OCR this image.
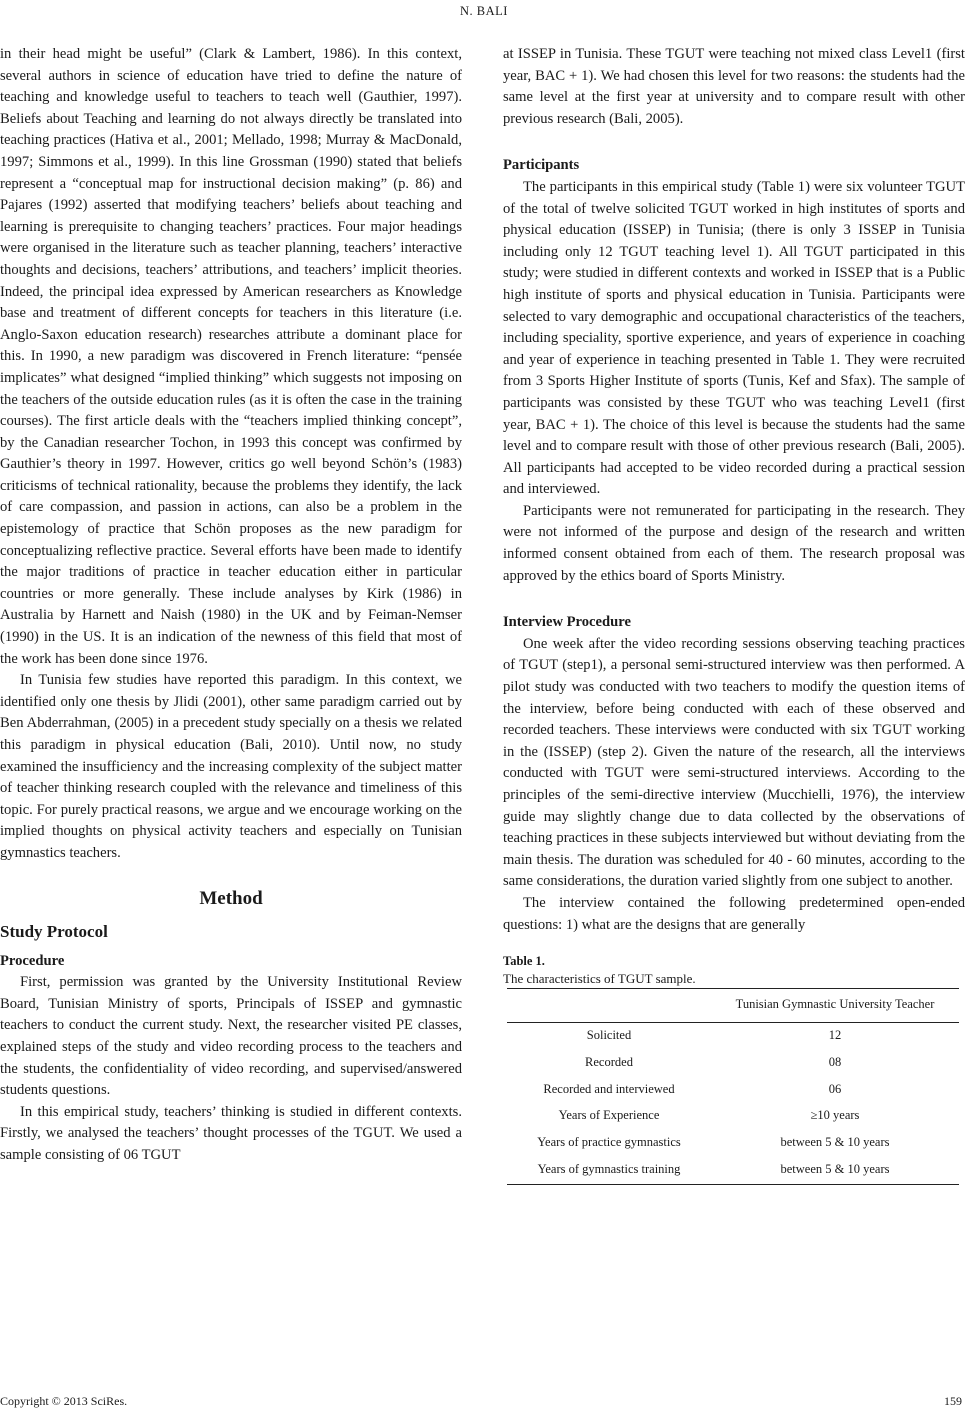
N. BALI

in their head might be useful” (Clark & Lambert, 1986). In this context, several authors in science of education have tried to define the nature of teaching and knowledge useful to teachers to teach well (Gauthier, 1997). Beliefs about Teaching and learning do not always directly be translated into teaching practices (Hativa et al., 2001; Mellado, 1998; Murray & MacDonald, 1997; Simmons et al., 1999). In this line Grossman (1990) stated that beliefs represent a “conceptual map for instructional decision making” (p. 86) and Pajares (1992) asserted that modifying teachers’ beliefs about teaching and learning is prerequisite to changing teachers’ practices. Four major headings were organised in the literature such as teacher planning, teachers’ interactive thoughts and decisions, teachers’ attributions, and teachers’ implicit theories. Indeed, the principal idea expressed by American researchers as Knowledge base and treatment of different concepts for teachers in this literature (i.e. Anglo-Saxon education research) researches attribute a dominant place for this. In 1990, a new paradigm was discovered in French literature: “pensée implicates” what designed “implied thinking” which suggests not imposing on the teachers of the outside education rules (as it is often the case in the training courses). The first article deals with the “teachers implied thinking concept”, by the Canadian researcher Tochon, in 1993 this concept was confirmed by Gauthier’s theory in 1997. However, critics go well beyond Schön’s (1983) criticisms of technical rationality, because the problems they identify, the lack of care compassion, and passion in actions, can also be a problem in the epistemology of practice that Schön proposes as the new paradigm for conceptualizing reflective practice. Several efforts have been made to identify the major traditions of practice in teacher education either in particular countries or more generally. These include analyses by Kirk (1986) in Australia by Harnett and Naish (1980) in the UK and by Feiman-Nemser (1990) in the US. It is an indication of the newness of this field that most of the work has been done since 1976.

In Tunisia few studies have reported this paradigm. In this context, we identified only one thesis by Jlidi (2001), other same paradigm carried out by Ben Abderrahman, (2005) in a precedent study specially on a thesis we related this paradigm in physical education (Bali, 2010). Until now, no study examined the insufficiency and the increasing complexity of the subject matter of teacher thinking research coupled with the relevance and timeliness of this topic. For purely practical reasons, we argue and we encourage working on the implied thoughts on physical activity teachers and especially on Tunisian gymnastics teachers.

Method
Study Protocol
Procedure

First, permission was granted by the University Institutional Review Board, Tunisian Ministry of sports, Principals of ISSEP and gymnastic teachers to conduct the current study. Next, the researcher visited PE classes, explained steps of the study and video recording process to the teachers and the students, the confidentiality of video recording, and supervised/answered students questions.

In this empirical study, teachers’ thinking is studied in different contexts. Firstly, we analysed the teachers’ thought processes of the TGUT. We used a sample consisting of 06 TGUT

at ISSEP in Tunisia. These TGUT were teaching not mixed class Level1 (first year, BAC + 1). We had chosen this level for two reasons: the students had the same level at the first year at university and to compare result with other previous research (Bali, 2005).

Participants

The participants in this empirical study (Table 1) were six volunteer TGUT of the total of twelve solicited TGUT worked in high institutes of sports and physical education (ISSEP) in Tunisia; (there is only 3 ISSEP in Tunisia including only 12 TGUT teaching level 1). All TGUT participated in this study; were studied in different contexts and worked in ISSEP that is a Public high institute of sports and physical education in Tunisia. Participants were selected to vary demographic and occupational characteristics of the teachers, including speciality, sportive experience, and years of experience in coaching and year of experience in teaching presented in Table 1. They were recruited from 3 Sports Higher Institute of sports (Tunis, Kef and Sfax). The sample of participants was consisted by these TGUT who was teaching Level1 (first year, BAC + 1). The choice of this level is because the students had the same level and to compare result with those of other previous research (Bali, 2005). All participants had accepted to be video recorded during a practical session and interviewed.

Participants were not remunerated for participating in the research. They were not informed of the purpose and design of the research and written informed consent obtained from each of them. The research proposal was approved by the ethics board of Sports Ministry.

Interview Procedure

One week after the video recording sessions observing teaching practices of TGUT (step1), a personal semi-structured interview was then performed. A pilot study was conducted with two teachers to modify the question items of the interview, before being conducted with each of these observed and recorded teachers. These interviews were conducted with six TGUT working in the (ISSEP) (step 2). Given the nature of the research, all the interviews conducted with TGUT were semi-structured interviews. According to the principles of the semi-directive interview (Mucchielli, 1976), the interview guide may slightly change due to data collected by the observations of teaching practices in these subjects interviewed but without deviating from the main thesis. The duration was scheduled for 40 - 60 minutes, according to the same considerations, the duration varied slightly from one subject to another.

The interview contained the following predetermined open-ended questions: 1) what are the designs that are generally

Table 1.

The characteristics of TGUT sample.

	Tunisian Gymnastic University Teacher
Solicited	12
Recorded	08
Recorded and interviewed	06
Years of Experience	≥10 years
Years of practice gymnastics	between 5 & 10 years
Years of gymnastics training	between 5 & 10 years
Copyright © 2013 SciRes.	159
